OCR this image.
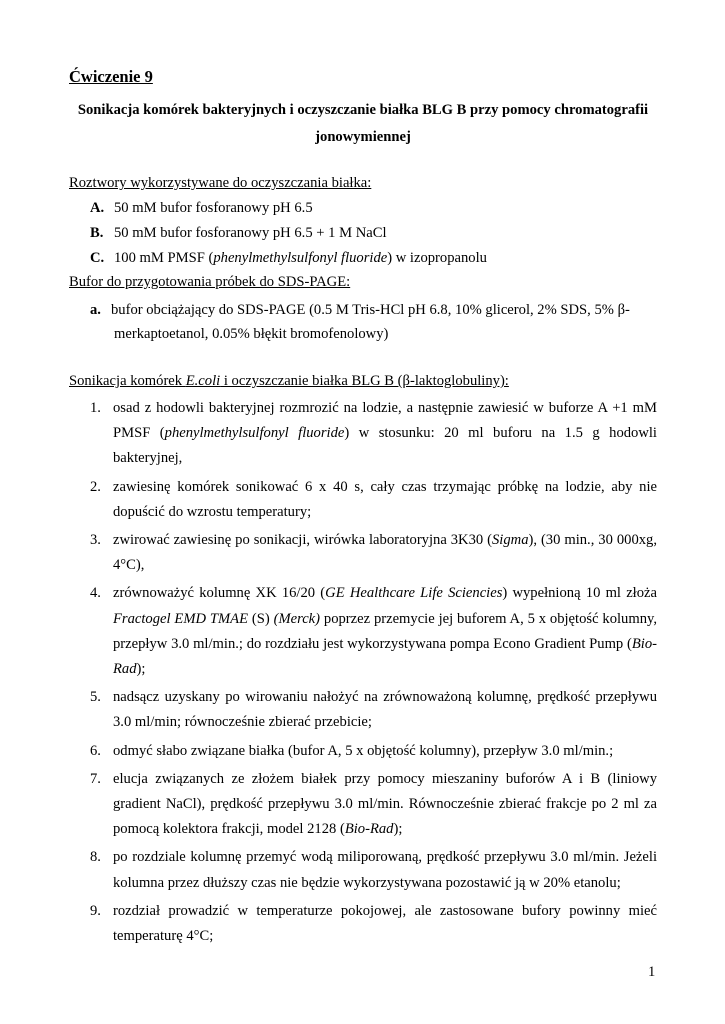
Ćwiczenie 9

Sonikacja komórek bakteryjnych i oczyszczanie białka BLG B przy pomocy chromatografii jonowymiennej

Roztwory wykorzystywane do oczyszczania białka:

A. 50 mM bufor fosforanowy pH 6.5
B. 50 mM bufor fosforanowy pH 6.5 + 1 M NaCl
C. 100 mM PMSF (phenylmethylsulfonyl fluoride) w izopropanolu

Bufor do przygotowania próbek do SDS-PAGE:

a. bufor obciążający do SDS-PAGE (0.5 M Tris-HCl pH 6.8, 10% glicerol, 2% SDS, 5% β-
merkaptoetanol, 0.05% błękit bromofenolowy)

Sonikacja komórek E.coli i oczyszczanie białka BLG B (β-laktoglobuliny):

1. osad z hodowli bakteryjnej rozmrozić na lodzie, a następnie zawiesić w buforze A +1 mM PMSF (phenylmethylsulfonyl fluoride) w stosunku: 20 ml buforu na 1.5 g hodowli bakteryjnej,
2. zawiesinę komórek sonikować 6 x 40 s, cały czas trzymając próbkę na lodzie, aby nie dopuścić do wzrostu temperatury;
3. zwirować zawiesinę po sonikacji, wirówka laboratoryjna 3K30 (Sigma), (30 min., 30 000xg, 4°C),
4. zrównoważyć kolumnę XK 16/20 (GE Healthcare Life Sciencies) wypełnioną 10 ml złoża Fractogel EMD TMAE (S) (Merck) poprzez przemycie jej buforem A, 5 x objętość kolumny, przepływ 3.0 ml/min.; do rozdziału jest wykorzystywana pompa Econo Gradient Pump (Bio-Rad);
5. nadsącz uzyskany po wirowaniu nałożyć na zrównoważoną kolumnę, prędkość przepływu 3.0 ml/min; równocześnie zbierać przebicie;
6. odmyć słabo związane białka (bufor A, 5 x objętość kolumny), przepływ 3.0 ml/min.;
7. elucja związanych ze złożem białek przy pomocy mieszaniny buforów A i B (liniowy gradient NaCl), prędkość przepływu 3.0 ml/min. Równocześnie zbierać frakcje po 2 ml za pomocą kolektora frakcji, model 2128 (Bio-Rad);
8. po rozdziale kolumnę przemyć wodą miliporowaną, prędkość przepływu 3.0 ml/min. Jeżeli kolumna przez dłuższy czas nie będzie wykorzystywana pozostawić ją w 20% etanolu;
9. rozdział prowadzić w temperaturze pokojowej, ale zastosowane bufory powinny mieć temperaturę 4°C;

1
